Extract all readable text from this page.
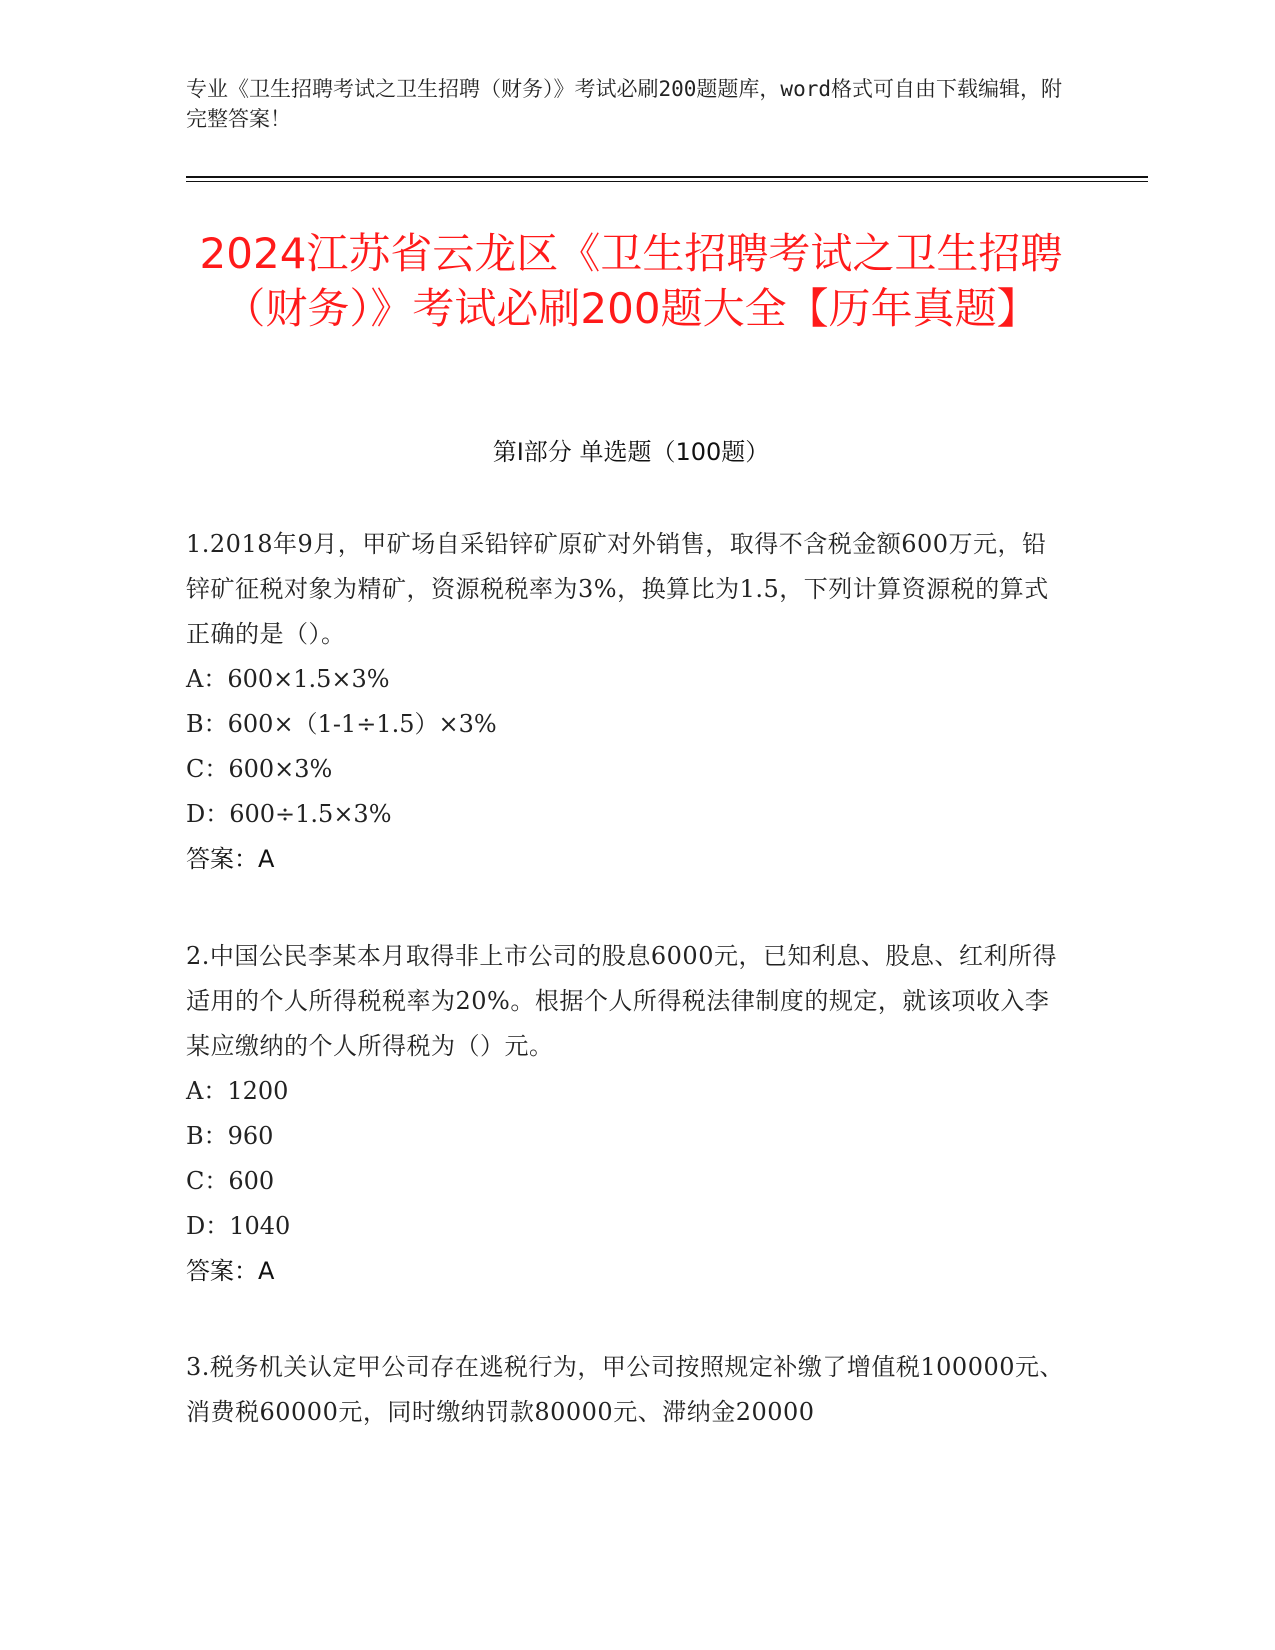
专业《卫生招聘考试之卫生招聘（财务）》考试必刷200题题库，word格式可自由下载编辑，附完整答案！
2024江苏省云龙区《卫生招聘考试之卫生招聘（财务）》考试必刷200题大全【历年真题】
第I部分 单选题（100题）
1.2018年9月，甲矿场自采铅锌矿原矿对外销售，取得不含税金额600万元，铅锌矿征税对象为精矿，资源税税率为3%，换算比为1.5，下列计算资源税的算式正确的是（）。
A：600×1.5×3%
B：600×（1-1÷1.5）×3%
C：600×3%
D：600÷1.5×3%
答案：A
2.中国公民李某本月取得非上市公司的股息6000元，已知利息、股息、红利所得适用的个人所得税税率为20%。根据个人所得税法律制度的规定，就该项收入李某应缴纳的个人所得税为（）元。
A：1200
B：960
C：600
D：1040
答案：A
3.税务机关认定甲公司存在逃税行为，甲公司按照规定补缴了增值税100000元、消费税60000元，同时缴纳罚款80000元、滞纳金20000
